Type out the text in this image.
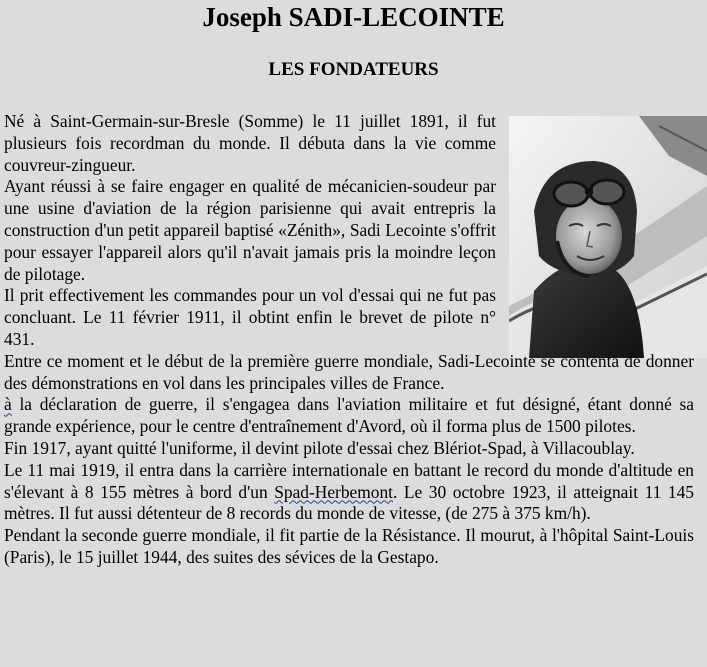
Joseph SADI-LECOINTE
LES FONDATEURS

Né à Saint-Germain-sur-Bresle (Somme) le 11 juillet 1891, il fut plusieurs fois recordman du monde. Il débuta dans la vie comme couvreur-zingueur.

Ayant réussi à se faire engager en qualité de mécanicien-soudeur par une usine d'aviation de la région parisienne qui avait entrepris la construction d'un petit appareil baptisé «Zénith», Sadi Lecointe s'offrit pour essayer l'appareil alors qu'il n'avait jamais pris la moindre leçon de pilotage.

Il prit effectivement les commandes pour un vol d'essai qui ne fut pas concluant. Le 11 février 1911, il obtint enfin le brevet de pilote n° 431.

Entre ce moment et le début de la première guerre mondiale, Sadi-Lecointe se contenta de donner des démonstrations en vol dans les principales villes de France.

à la déclaration de guerre, il s'engagea dans l'aviation militaire et fut désigné, étant donné sa grande expérience, pour le centre d'entraînement d'Avord, où il forma plus de 1500 pilotes.

Fin 1917, ayant quitté l'uniforme, il devint pilote d'essai chez Blériot-Spad, à Villacoublay.

Le 11 mai 1919, il entra dans la carrière internationale en battant le record du monde d'altitude en s'élevant à 8 155 mètres à bord d'un Spad-Herbemont. Le 30 octobre 1923, il atteignait 11 145 mètres. Il fut aussi détenteur de 8 records du monde de vitesse, (de 275 à 375 km/h).

Pendant la seconde guerre mondiale, il fit partie de la Résistance. Il mourut, à l'hôpital Saint-Louis (Paris), le 15 juillet 1944, des suites des sévices de la Gestapo.
